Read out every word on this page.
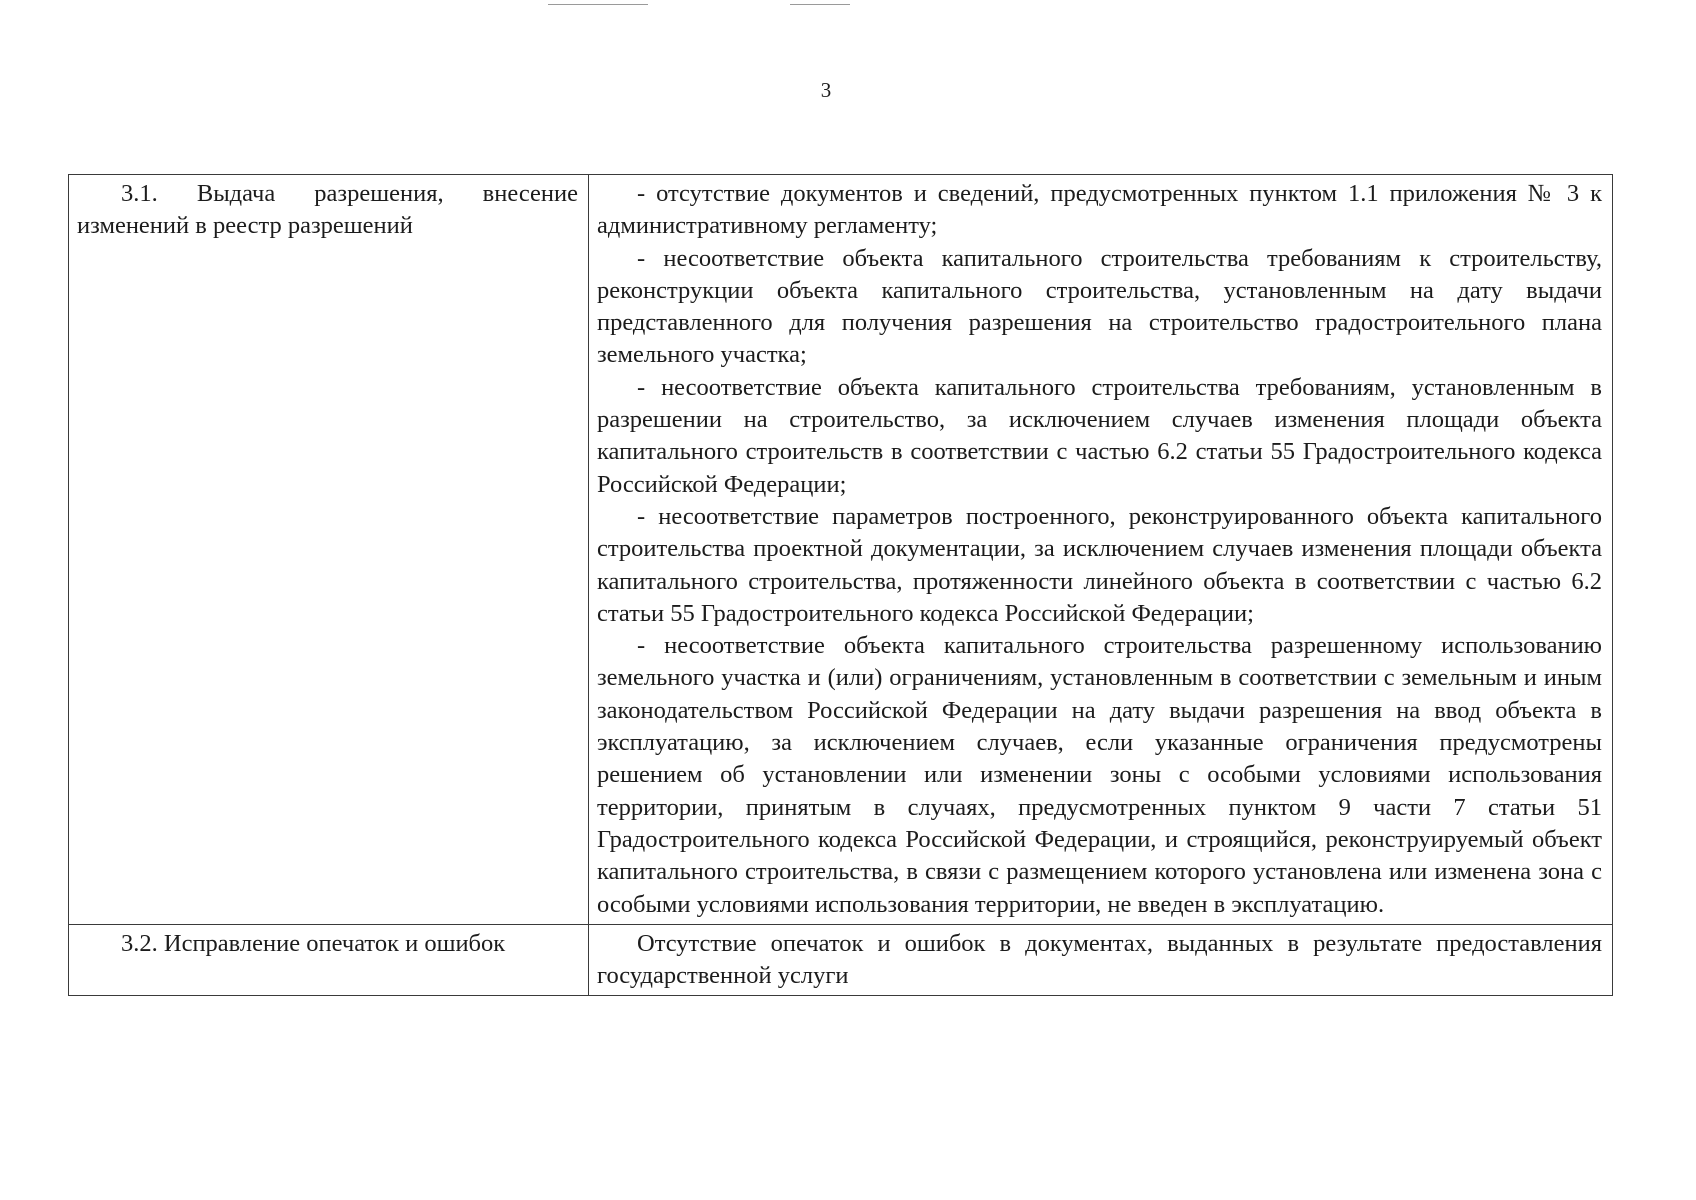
3
3.1. Выдача разрешения, внесение изменений в реестр разрешений	- отсутствие документов и сведений, предусмотренных пунктом 1.1 приложения № 3 к административному регламенту;

- несоответствие объекта капитального строительства требованиям к строительству, реконструкции объекта капитального строительства, установленным на дату выдачи представленного для получения разрешения на строительство градостроительного плана земельного участка;

- несоответствие объекта капитального строительства требованиям, установленным в разрешении на строительство, за исключением случаев изменения площади объекта капитального строительств в соответствии с частью 6.2 статьи 55 Градостроительного кодекса Российской Федерации;

- несоответствие параметров построенного, реконструированного объекта капитального строительства проектной документации, за исключением случаев изменения площади объекта капитального строительства, протяженности линейного объекта в соответствии с частью 6.2 статьи 55 Градостроительного кодекса Российской Федерации;

- несоответствие объекта капитального строительства разрешенному использованию земельного участка и (или) ограничениям, установленным в соответствии с земельным и иным законодательством Российской Федерации на дату выдачи разрешения на ввод объекта в эксплуатацию, за исключением случаев, если указанные ограничения предусмотрены решением об установлении или изменении зоны с особыми условиями использования территории, принятым в случаях, предусмотренных пунктом 9 части 7 статьи 51 Градостроительного кодекса Российской Федерации, и строящийся, реконструируемый объект капитального строительства, в связи с размещением которого установлена или изменена зона с особыми условиями использования территории, не введен в эксплуатацию.

3.2. Исправление опечаток и ошибок	Отсутствие опечаток и ошибок в документах, выданных в результате предоставления государственной услуги
